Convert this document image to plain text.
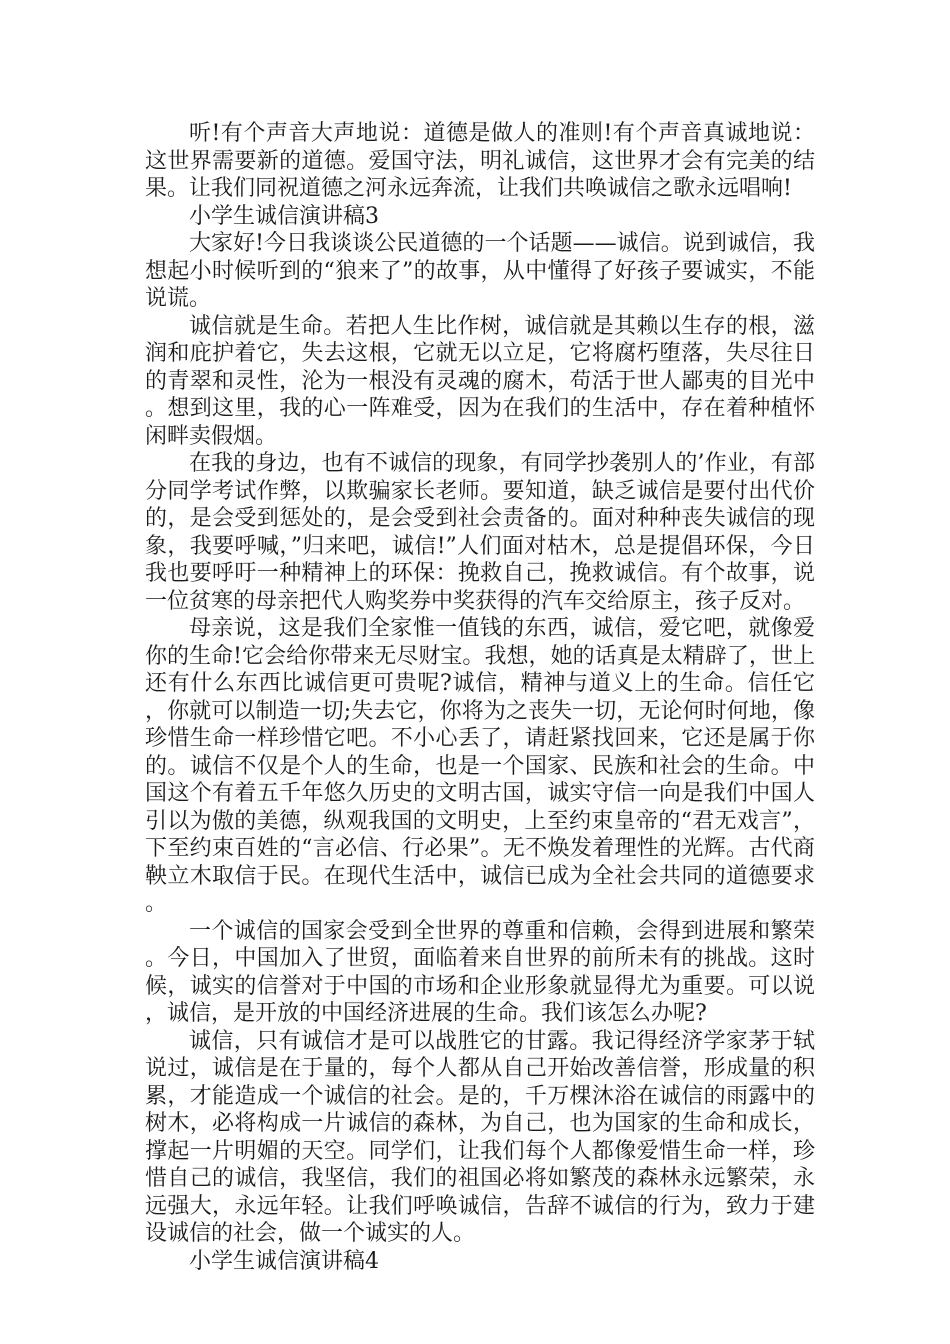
听!有个声音大声地说：道德是做人的准则!有个声音真诚地说：这世界需要新的道德。爱国守法，明礼诚信，这世界才会有完美的结果。让我们同祝道德之河永远奔流，让我们共唤诚信之歌永远唱响!

小学生诚信演讲稿3

大家好!今日我谈谈公民道德的一个话题——诚信。说到诚信，我想起小时候听到的“狼来了”的故事，从中懂得了好孩子要诚实，不能说谎。

诚信就是生命。若把人生比作树，诚信就是其赖以生存的根，滋润和庇护着它，失去这根，它就无以立足，它将腐朽堕落，失尽往日的青翠和灵性，沦为一根没有灵魂的腐木，苟活于世人鄙夷的目光中。想到这里，我的心一阵难受，因为在我们的生活中，存在着种植怀闲畔卖假烟。

在我的身边，也有不诚信的现象，有同学抄袭别人的’作业，有部分同学考试作弊，以欺骗家长老师。要知道，缺乏诚信是要付出代价的，是会受到惩处的，是会受到社会责备的。面对种种丧失诚信的现象，我要呼喊，”归来吧，诚信!”人们面对枯木，总是提倡环保，今日我也要呼吁一种精神上的环保：挽救自己，挽救诚信。有个故事，说一位贫寒的母亲把代人购奖券中奖获得的汽车交给原主，孩子反对。

母亲说，这是我们全家惟一值钱的东西，诚信，爱它吧，就像爱你的生命!它会给你带来无尽财宝。我想，她的话真是太精辟了，世上还有什么东西比诚信更可贵呢?诚信，精神与道义上的生命。信任它，你就可以制造一切;失去它，你将为之丧失一切，无论何时何地，像珍惜生命一样珍惜它吧。不小心丢了，请赶紧找回来，它还是属于你的。诚信不仅是个人的生命，也是一个国家、民族和社会的生命。中国这个有着五千年悠久历史的文明古国，诚实守信一向是我们中国人引以为傲的美德，纵观我国的文明史，上至约束皇帝的“君无戏言”，下至约束百姓的“言必信、行必果”。无不焕发着理性的光辉。古代商鞅立木取信于民。在现代生活中，诚信已成为全社会共同的道德要求。

一个诚信的国家会受到全世界的尊重和信赖，会得到进展和繁荣。今日，中国加入了世贸，面临着来自世界的前所未有的挑战。这时候，诚实的信誉对于中国的市场和企业形象就显得尤为重要。可以说，诚信，是开放的中国经济进展的生命。我们该怎么办呢?

诚信，只有诚信才是可以战胜它的甘露。我记得经济学家茅于轼说过，诚信是在于量的，每个人都从自己开始改善信誉，形成量的积累，才能造成一个诚信的社会。是的，千万棵沐浴在诚信的雨露中的树木，必将构成一片诚信的森林，为自己，也为国家的生命和成长，撑起一片明媚的天空。同学们，让我们每个人都像爱惜生命一样，珍惜自己的诚信，我坚信，我们的祖国必将如繁茂的森林永远繁荣，永远强大，永远年轻。让我们呼唤诚信，告辞不诚信的行为，致力于建设诚信的社会，做一个诚实的人。

小学生诚信演讲稿4
